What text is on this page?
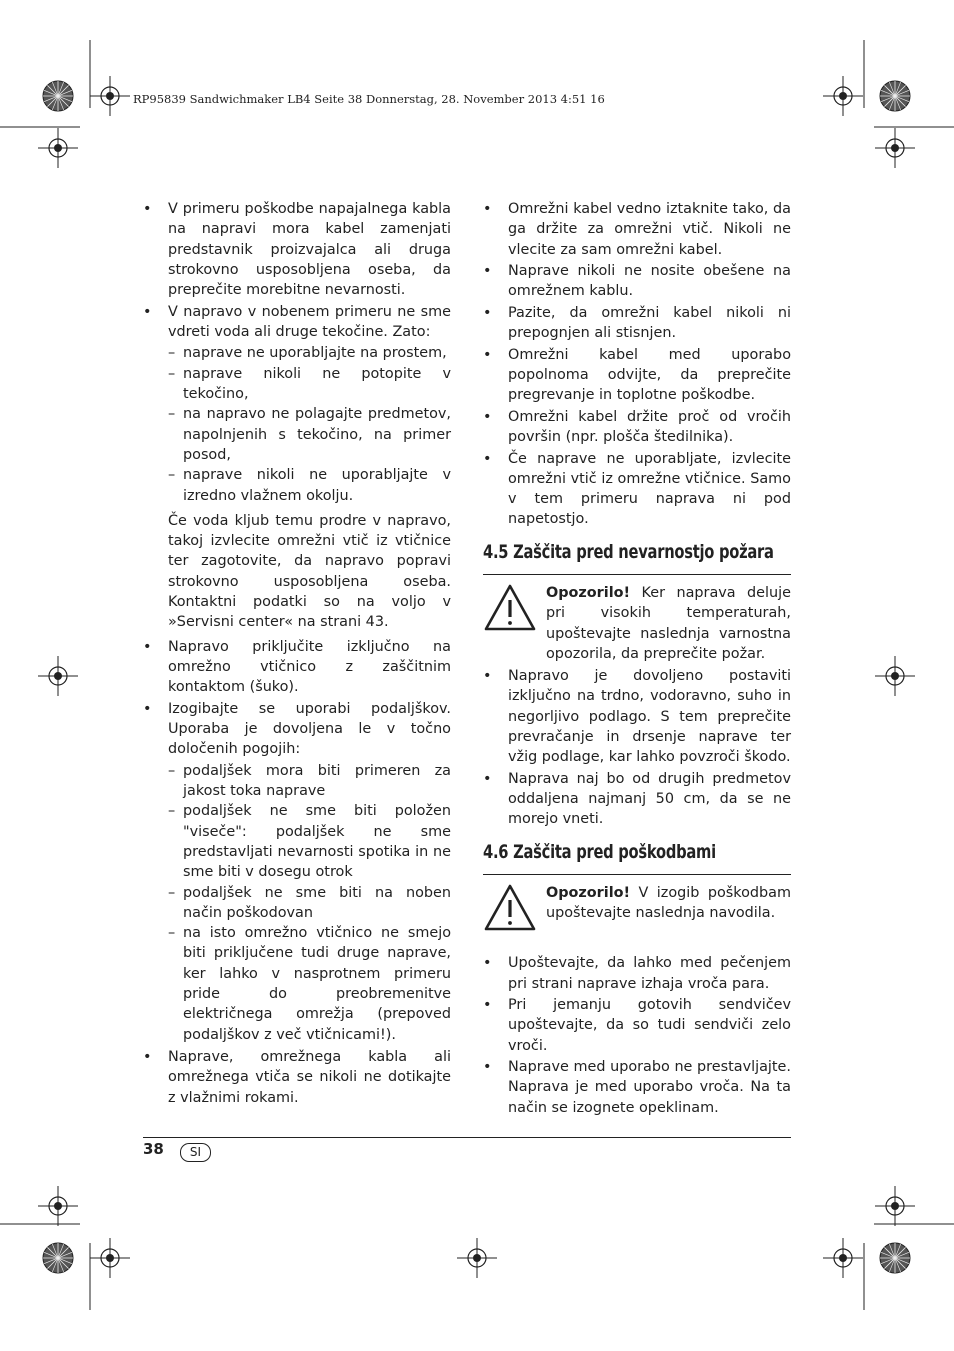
RP95839 Sandwichmaker LB4 Seite 38 Donnerstag, 28. November 2013 4:51 16
• V primeru poškodbe napajalnega kabla na napravi mora kabel zamenjati predstavnik proizvajalca ali druga strokovno usposobljena oseba, da preprečite morebitne nevarnosti.
• V napravo v nobenem primeru ne sme vdreti voda ali druge tekočine. Zato:
– naprave ne uporabljajte na prostem,
– naprave nikoli ne potopite v tekočino,
– na napravo ne polagajte predmetov, napolnjenih s tekočino, na primer posod,
– naprave nikoli ne uporabljajte v izredno vlažnem okolju.
Če voda kljub temu prodre v napravo, takoj izvlecite omrežni vtič iz vtičnice ter zagotovite, da napravo popravi strokovno usposobljena oseba. Kontaktni podatki so na voljo v »Servisni center« na strani 43.
• Napravo priključite izključno na omrežno vtičnico z zaščitnim kontaktom (šuko).
• Izogibajte se uporabi podaljškov. Uporaba je dovoljena le v točno določenih pogojih:
– podaljšek mora biti primeren za jakost toka naprave
– podaljšek ne sme biti položen "viseče": podaljšek ne sme predstavljati nevarnosti spotika in ne sme biti v dosegu otrok
– podaljšek ne sme biti na noben način poškodovan
– na isto omrežno vtičnico ne smejo biti priključene tudi druge naprave, ker lahko v nasprotnem primeru pride do preobremenitve električnega omrežja (prepoved podaljškov z več vtičnicami!).
• Naprave, omrežnega kabla ali omrežnega vtiča se nikoli ne dotikajte z vlažnimi rokami.
• Omrežni kabel vedno iztaknite tako, da ga držite za omrežni vtič. Nikoli ne vlecite za sam omrežni kabel.
• Naprave nikoli ne nosite obešene na omrežnem kablu.
• Pazite, da omrežni kabel nikoli ni prepognjen ali stisnjen.
• Omrežni kabel med uporabo popolnoma odvijte, da preprečite pregrevanje in toplotne poškodbe.
• Omrežni kabel držite proč od vročih površin (npr. plošča štedilnika).
• Če naprave ne uporabljate, izvlecite omrežni vtič iz omrežne vtičnice. Samo v tem primeru naprava ni pod napetostjo.
4.5 Zaščita pred nevarnostjo požara
Opozorilo! Ker naprava deluje pri visokih temperaturah, upoštevajte naslednja varnostna opozorila, da preprečite požar.
• Napravo je dovoljeno postaviti izključno na trdno, vodoravno, suho in negorljivo podlago. S tem preprečite prevračanje in drsenje naprave ter vžig podlage, kar lahko povzroči škodo.
• Naprava naj bo od drugih predmetov oddaljena najmanj 50 cm, da se ne morejo vneti.
4.6 Zaščita pred poškodbami
Opozorilo! V izogib poškodbam upoštevajte naslednja navodila.
• Upoštevajte, da lahko med pečenjem pri strani naprave izhaja vroča para.
• Pri jemanju gotovih sendvičev upoštevajte, da so tudi sendviči zelo vroči.
• Naprave med uporabo ne prestavljajte. Naprava je med uporabo vroča. Na ta način se izognete opeklinam.
38	SI
